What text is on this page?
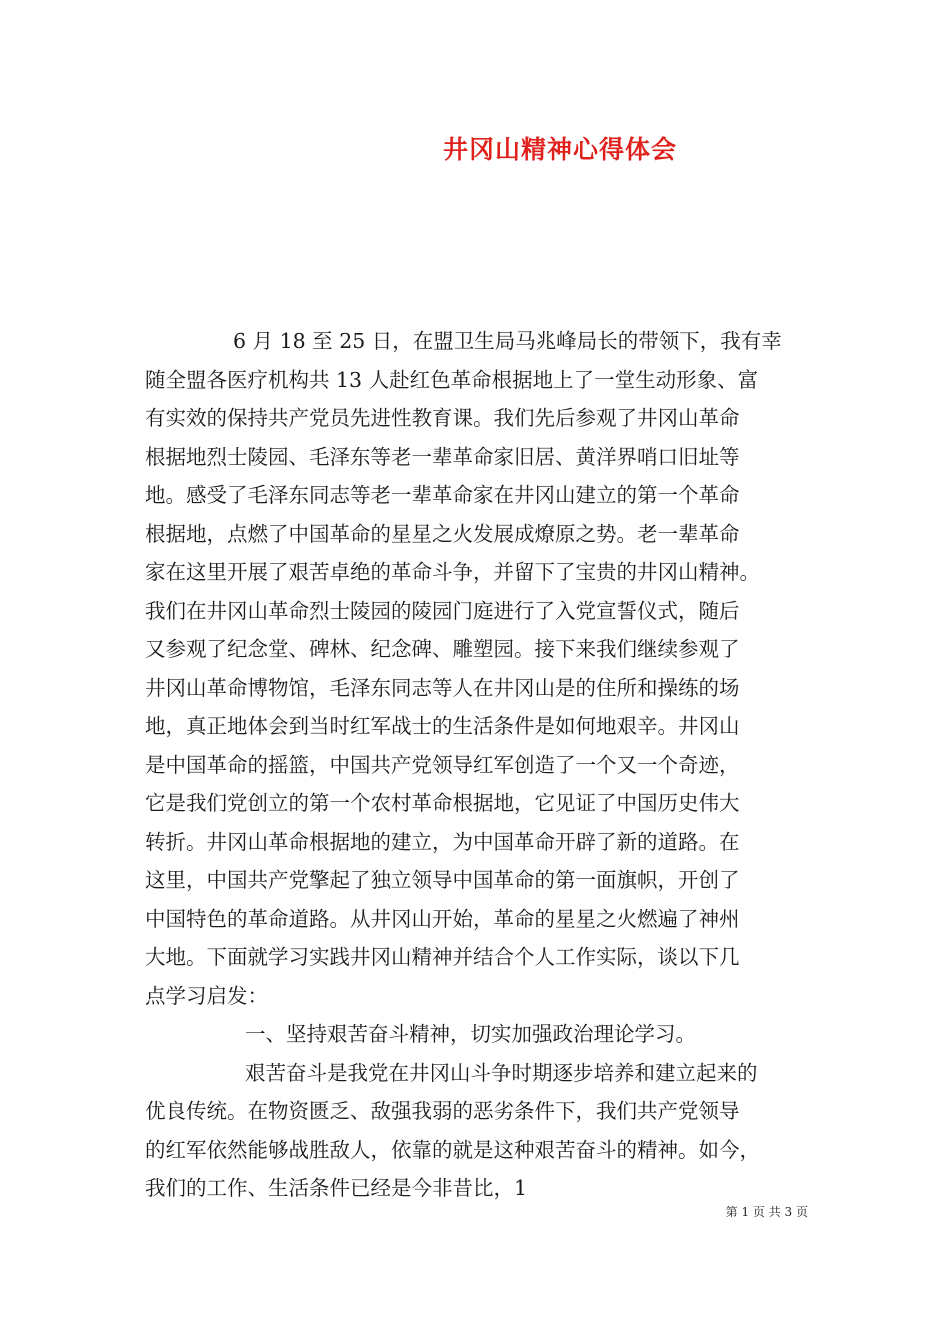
井冈山精神心得体会
6 月 18 至 25 日，在盟卫生局马兆峰局长的带领下，我有幸
随全盟各医疗机构共 13 人赴红色革命根据地上了一堂生动形象、富
有实效的保持共产党员先进性教育课。我们先后参观了井冈山革命
根据地烈士陵园、毛泽东等老一辈革命家旧居、黄洋界哨口旧址等
地。感受了毛泽东同志等老一辈革命家在井冈山建立的第一个革命
根据地，点燃了中国革命的星星之火发展成燎原之势。老一辈革命
家在这里开展了艰苦卓绝的革命斗争，并留下了宝贵的井冈山精神。
我们在井冈山革命烈士陵园的陵园门庭进行了入党宣誓仪式，随后
又参观了纪念堂、碑林、纪念碑、雕塑园。接下来我们继续参观了
井冈山革命博物馆，毛泽东同志等人在井冈山是的住所和操练的场
地，真正地体会到当时红军战士的生活条件是如何地艰辛。井冈山
是中国革命的摇篮，中国共产党领导红军创造了一个又一个奇迹，
它是我们党创立的第一个农村革命根据地，它见证了中国历史伟大
转折。井冈山革命根据地的建立，为中国革命开辟了新的道路。在
这里，中国共产党擎起了独立领导中国革命的第一面旗帜，开创了
中国特色的革命道路。从井冈山开始，革命的星星之火燃遍了神州
大地。下面就学习实践井冈山精神并结合个人工作实际，谈以下几
点学习启发：
一、坚持艰苦奋斗精神，切实加强政治理论学习。
艰苦奋斗是我党在井冈山斗争时期逐步培养和建立起来的
优良传统。在物资匮乏、敌强我弱的恶劣条件下，我们共产党领导
的红军依然能够战胜敌人，依靠的就是这种艰苦奋斗的精神。如今，
我们的工作、生活条件已经是今非昔比，1
第 1 页 共 3 页
